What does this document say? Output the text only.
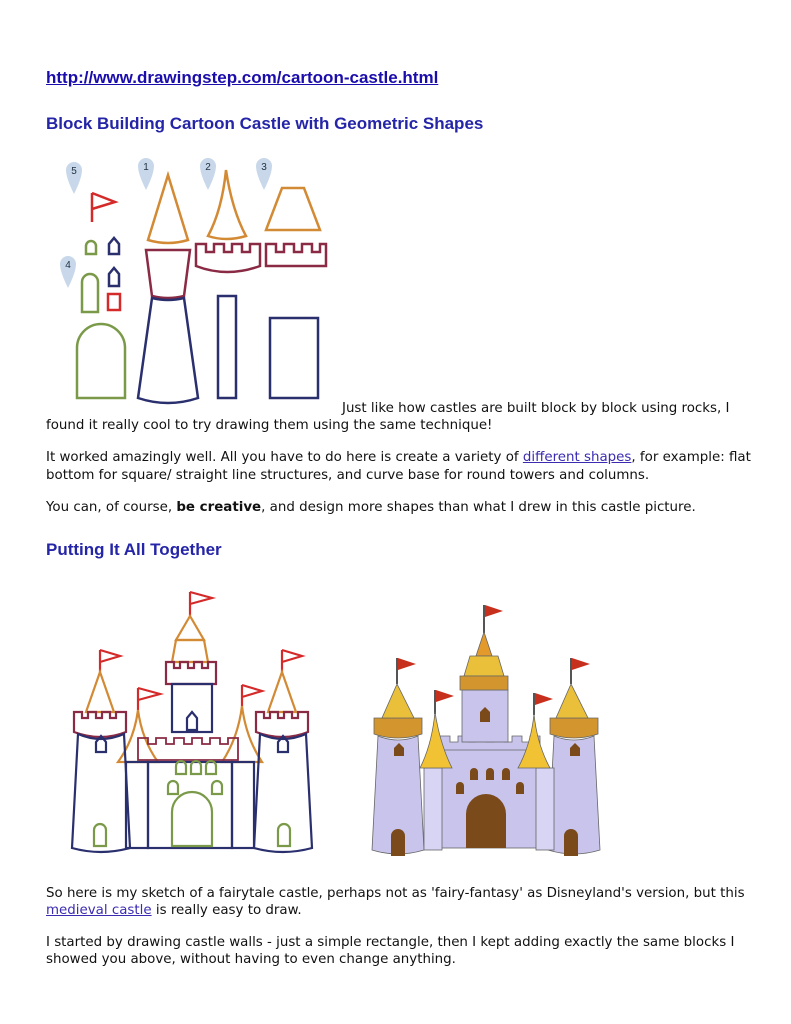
http://www.drawingstep.com/cartoon-castle.html
Block Building Cartoon Castle with Geometric Shapes
5	1	2	3
4
Just like how castles are built block by block using rocks, I
found it really cool to try drawing them using the same technique!
It worked amazingly well. All you have to do here is create a variety of different shapes, for example: flat
bottom for square/ straight line structures, and curve base for round towers and columns.
You can, of course, be creative, and design more shapes than what I drew in this castle picture.
Putting It All Together
So here is my sketch of a fairytale castle, perhaps not as 'fairy-fantasy' as Disneyland's version, but this
medieval castle is really easy to draw.
I started by drawing castle walls - just a simple rectangle, then I kept adding exactly the same blocks I
showed you above, without having to even change anything.
